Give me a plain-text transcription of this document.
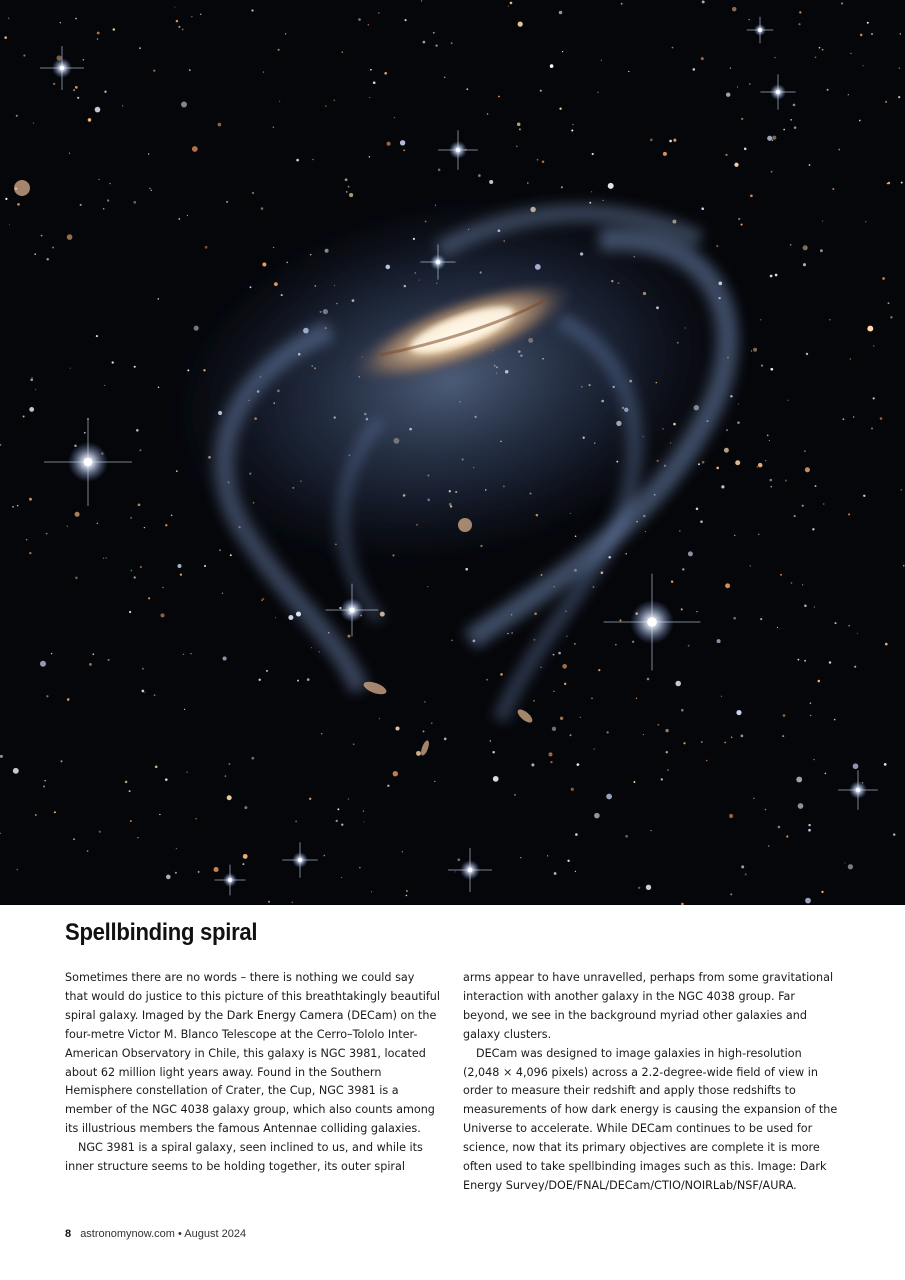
Spellbinding spiral

Sometimes there are no words – there is nothing we could say that would do justice to this picture of this breathtakingly beautiful spiral galaxy. Imaged by the Dark Energy Camera (DECam) on the four-metre Victor M. Blanco Telescope at the Cerro–Tololo Inter-American Observatory in Chile, this galaxy is NGC 3981, located about 62 million light years away. Found in the Southern Hemisphere constellation of Crater, the Cup, NGC 3981 is a member of the NGC 4038 galaxy group, which also counts among its illustrious members the famous Antennae colliding galaxies.

NGC 3981 is a spiral galaxy, seen inclined to us, and while its inner structure seems to be holding together, its outer spiral

arms appear to have unravelled, perhaps from some gravitational interaction with another galaxy in the NGC 4038 group. Far beyond, we see in the background myriad other galaxies and galaxy clusters.

DECam was designed to image galaxies in high-resolution (2,048 × 4,096 pixels) across a 2.2-degree-wide field of view in order to measure their redshift and apply those redshifts to measurements of how dark energy is causing the expansion of the Universe to accelerate. While DECam continues to be used for science, now that its primary objectives are complete it is more often used to take spellbinding images such as this. Image: Dark Energy Survey/DOE/FNAL/DECam/CTIO/NOIRLab/NSF/AURA.

8 astronomynow.com • August 2024
